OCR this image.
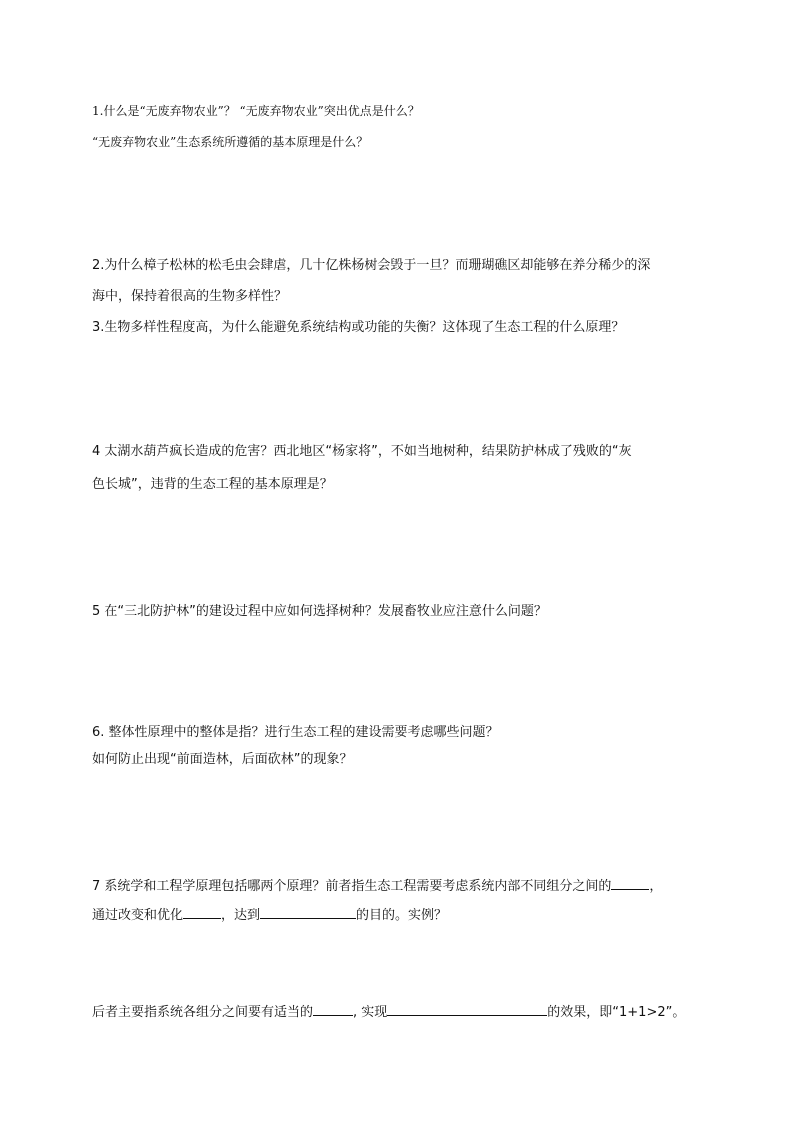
1.什么是“无废弃物农业”？ “无废弃物农业”突出优点是什么？
“无废弃物农业”生态系统所遵循的基本原理是什么？
2.为什么樟子松林的松毛虫会肆虐，几十亿株杨树会毁于一旦？而珊瑚礁区却能够在养分稀少的深
海中，保持着很高的生物多样性？
3.生物多样性程度高，为什么能避免系统结构或功能的失衡？这体现了生态工程的什么原理？
4 太湖水葫芦疯长造成的危害？西北地区“杨家将”，不如当地树种，结果防护林成了残败的“灰
色长城”，违背的生态工程的基本原理是？
5 在“三北防护林”的建设过程中应如何选择树种？发展畜牧业应注意什么问题？
6. 整体性原理中的整体是指？进行生态工程的建设需要考虑哪些问题？
如何防止出现“前面造林，后面砍林”的现象？
7 系统学和工程学原理包括哪两个原理？前者指生态工程需要考虑系统内部不同组分之间的	，
通过改变和优化	，达到	的目的。实例？
后者主要指系统各组分之间要有适当的	, 实现	的效果，即“1+1>2”。
